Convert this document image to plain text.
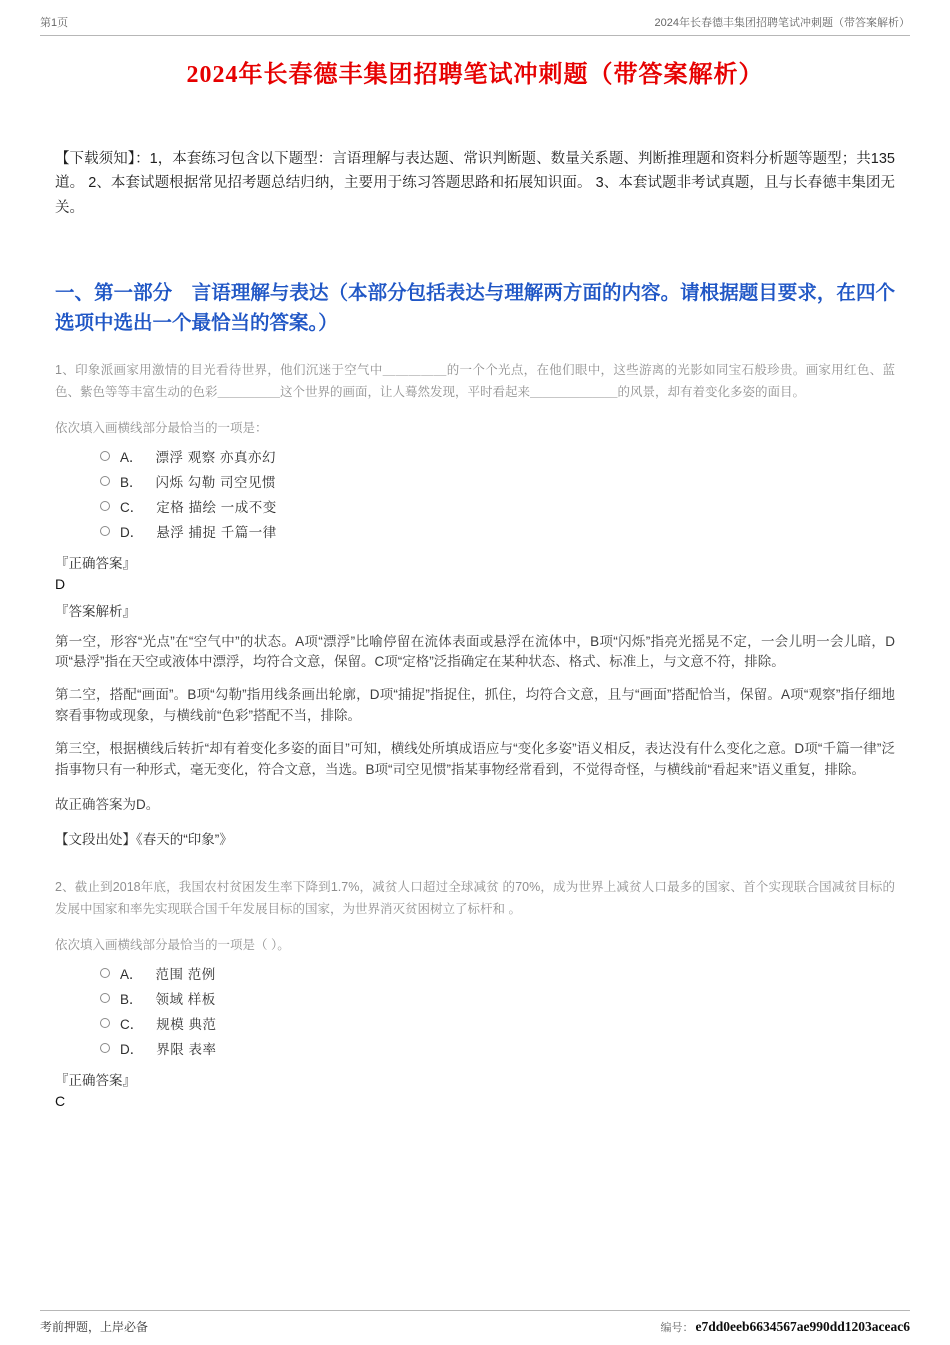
第1页	2024年长春德丰集团招聘笔试冲刺题（带答案解析）
2024年长春德丰集团招聘笔试冲刺题（带答案解析）

【下载须知】：1，本套练习包含以下题型：言语理解与表达题、常识判断题、数量关系题、判断推理题和资料分析题等题型；共135道。 2、本套试题根据常见招考题总结归纳，主要用于练习答题思路和拓展知识面。 3、本套试题非考试真题，且与长春德丰集团无关。

一、第一部分　言语理解与表达（本部分包括表达与理解两方面的内容。请根据题目要求，在四个选项中选出一个最恰当的答案。）

1、印象派画家用激情的目光看待世界，他们沉迷于空气中＿＿＿＿＿的一个个光点，在他们眼中，这些游离的光影如同宝石般珍贵。画家用红色、蓝色、紫色等等丰富生动的色彩＿＿＿＿＿这个世界的画面，让人蓦然发现，平时看起来＿＿＿＿＿＿＿的风景，却有着变化多姿的面目。

依次填入画横线部分最恰当的一项是：

A． 漂浮 观察 亦真亦幻
B． 闪烁 勾勒 司空见惯
C． 定格 描绘 一成不变
D． 悬浮 捕捉 千篇一律

『正确答案』

D

『答案解析』

第一空，形容“光点”在“空气中”的状态。A项“漂浮”比喻停留在流体表面或悬浮在流体中，B项“闪烁”指亮光摇晃不定，一会儿明一会儿暗，D项“悬浮”指在天空或液体中漂浮，均符合文意，保留。C项“定格”泛指确定在某种状态、格式、标准上，与文意不符，排除。

第二空，搭配“画面”。B项“勾勒”指用线条画出轮廓，D项“捕捉”指捉住，抓住，均符合文意，且与“画面”搭配恰当，保留。A项“观察”指仔细地察看事物或现象，与横线前“色彩”搭配不当，排除。

第三空，根据横线后转折“却有着变化多姿的面目”可知，横线处所填成语应与“变化多姿”语义相反，表达没有什么变化之意。D项“千篇一律”泛指事物只有一种形式，毫无变化，符合文意，当选。B项“司空见惯”指某事物经常看到，不觉得奇怪，与横线前“看起来”语义重复，排除。

故正确答案为D。

【文段出处】《春天的“印象”》

2、截止到2018年底，我国农村贫困发生率下降到1.7%，减贫人口超过全球减贫 的70%，成为世界上减贫人口最多的国家、首个实现联合国减贫目标的发展中国家和率先实现联合国千年发展目标的国家，为世界消灭贫困树立了标杆和 。

依次填入画横线部分最恰当的一项是（ ）。

A． 范围 范例
B． 领域 样板
C． 规模 典范
D． 界限 表率

『正确答案』

C

考前押题，上岸必备	编号： e7dd0eeb6634567ae990dd1203aceac6
